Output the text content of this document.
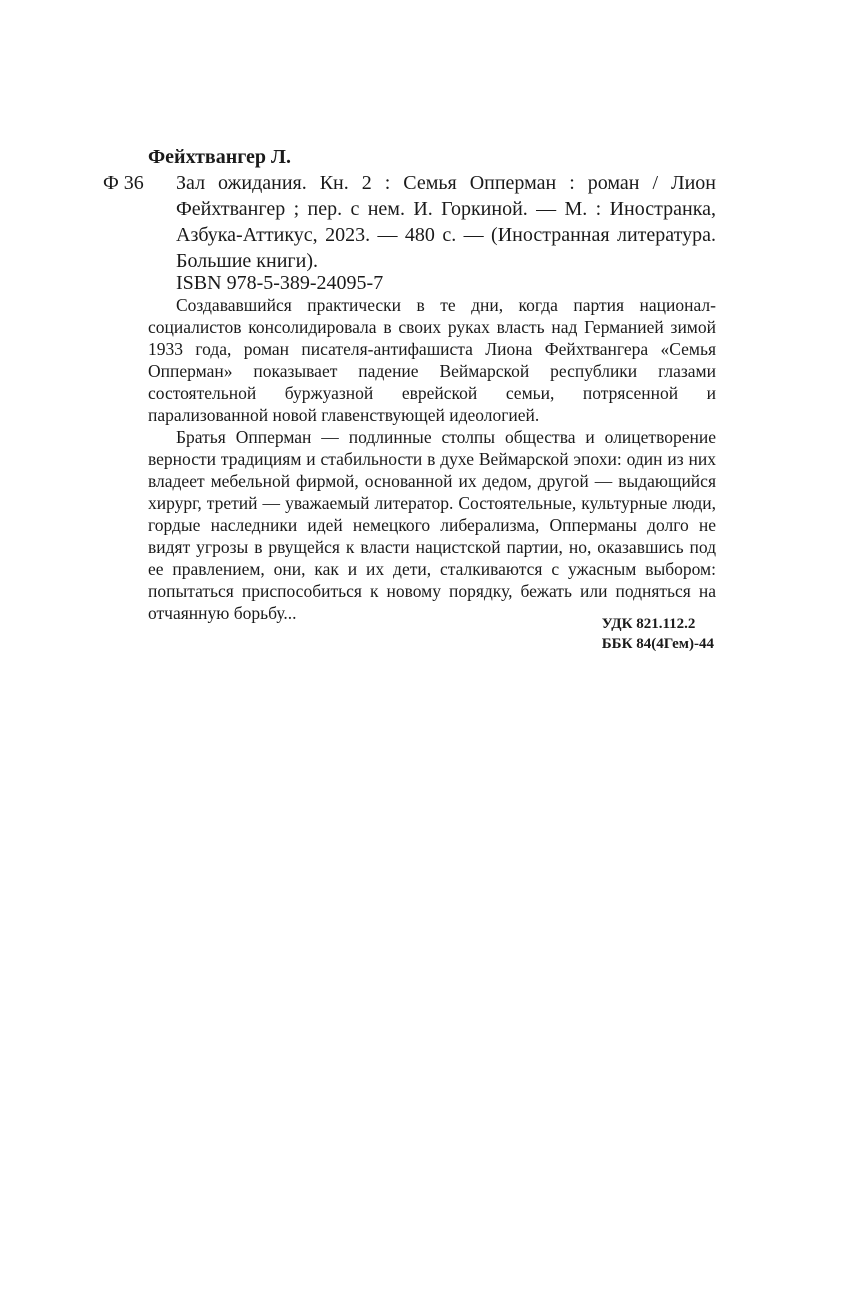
Фейхтвангер Л.

Ф 36 Зал ожидания. Кн. 2 : Семья Опперман : роман / Лион Фейхтвангер ; пер. с нем. И. Горкиной. — М. : Иностранка, Азбука-Аттикус, 2023. — 480 с. — (Иностранная литература. Большие книги).

ISBN 978-5-389-24095-7

Создававшийся практически в те дни, когда партия национал-социалистов консолидировала в своих руках власть над Германией зимой 1933 года, роман писателя-антифашиста Лиона Фейхтвангера «Семья Опперман» показывает падение Веймарской республики глазами состоятельной буржуазной еврейской семьи, потрясенной и парализованной новой главенствующей идеологией.

Братья Опперман — подлинные столпы общества и олицетворение верности традициям и стабильности в духе Веймарской эпохи: один из них владеет мебельной фирмой, основанной их дедом, другой — выдающийся хирург, третий — уважаемый литератор. Состоятельные, культурные люди, гордые наследники идей немецкого либерализма, Опперманы долго не видят угрозы в рвущейся к власти нацистской партии, но, оказавшись под ее правлением, они, как и их дети, сталкиваются с ужасным выбором: попытаться приспособиться к новому порядку, бежать или подняться на отчаянную борьбу...

УДК 821.112.2
ББК 84(4Гем)-44
